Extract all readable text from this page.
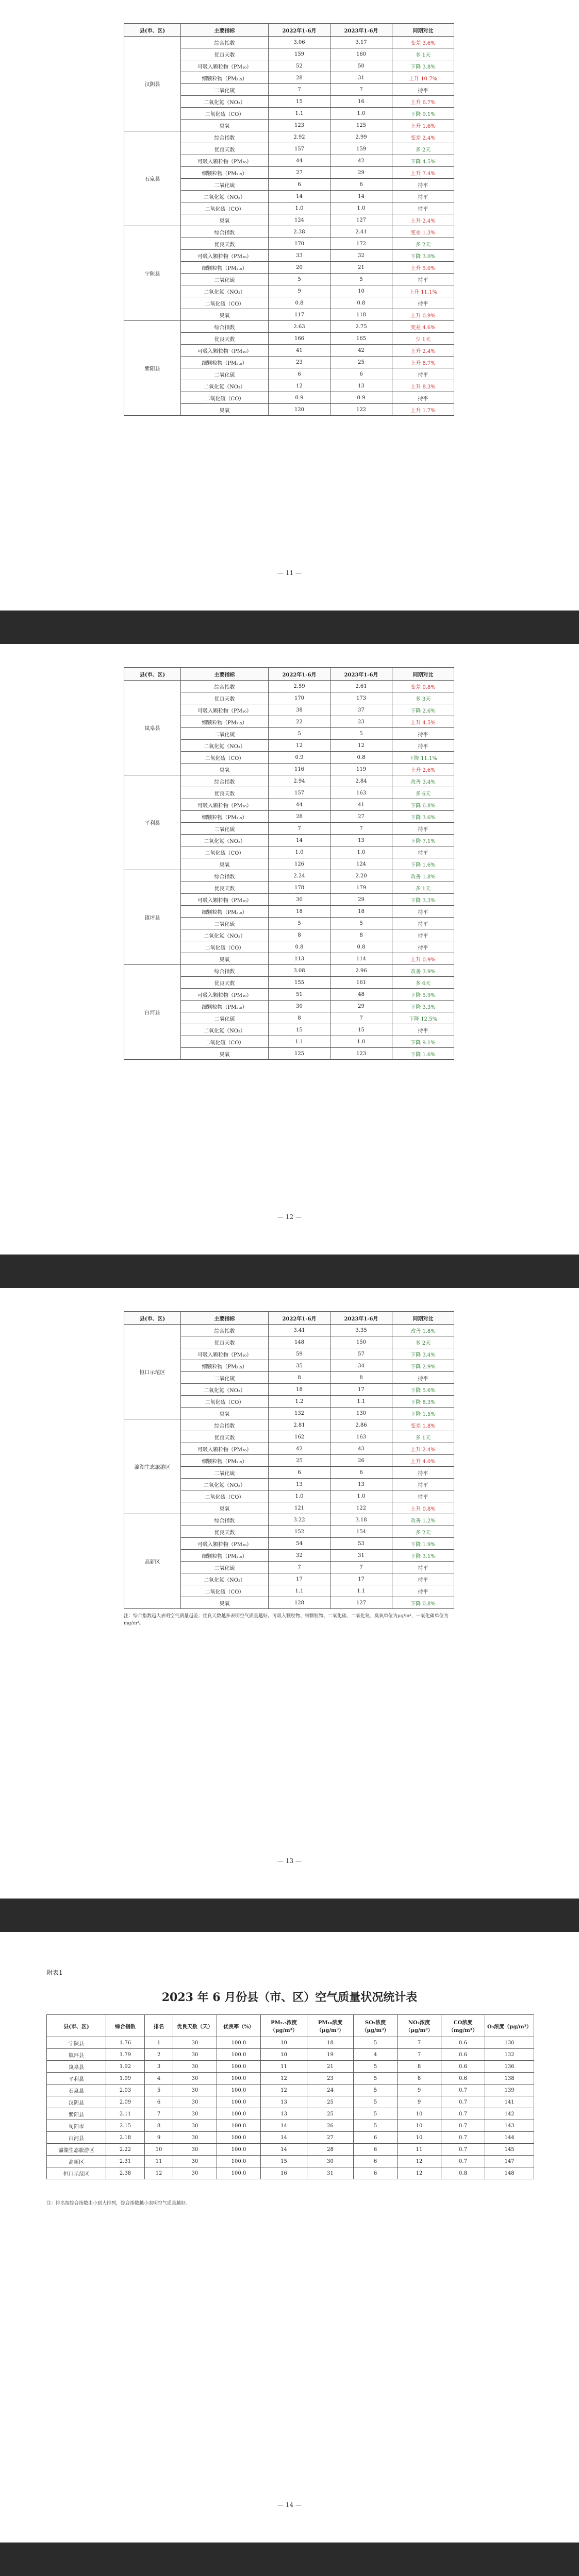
县(市、区)	主要指标	2022年1-6月	2023年1-6月	同期对比
汉阴县	综合指数	3.06	3.17	变差 3.6%
	优良天数	159	160	多 1天
	可吸入颗粒物（PM₁₀）	52	50	下降 3.8%
	细颗粒物（PM₂.₅）	28	31	上升 10.7%
	二氧化硫	7	7	持平
	二氧化氮（NO₂）	15	16	上升 6.7%
	二氧化硫（CO）	1.1	1.0	下降 9.1%
	臭氧	123	125	上升 1.6%
石泉县	综合指数	2.92	2.99	变差 2.4%
	优良天数	157	159	多 2天
	可吸入颗粒物（PM₁₀）	44	42	下降 4.5%
	细颗粒物（PM₂.₅）	27	29	上升 7.4%
	二氧化硫	6	6	持平
	二氧化氮（NO₂）	14	14	持平
	二氧化硫（CO）	1.0	1.0	持平
	臭氧	124	127	上升 2.4%
宁陕县	综合指数	2.38	2.41	变差 1.3%
	优良天数	170	172	多 2天
	可吸入颗粒物（PM₁₀）	33	32	下降 3.0%
	细颗粒物（PM₂.₅）	20	21	上升 5.0%
	二氧化硫	5	5	持平
	二氧化氮（NO₂）	9	10	上升 11.1%
	二氧化硫（CO）	0.8	0.8	持平
	臭氧	117	118	上升 0.9%
紫阳县	综合指数	2.63	2.75	变差 4.6%
	优良天数	166	165	少 1天
	可吸入颗粒物（PM₁₀）	41	42	上升 2.4%
	细颗粒物（PM₂.₅）	23	25	上升 8.7%
	二氧化硫	6	6	持平
	二氧化氮（NO₂）	12	13	上升 8.3%
	二氧化硫（CO）	0.9	0.9	持平
	臭氧	120	122	上升 1.7%
— 11 —
县(市、区)	主要指标	2022年1-6月	2023年1-6月	同期对比
岚皋县	综合指数	2.59	2.61	变差 0.8%
	优良天数	170	173	多 3天
	可吸入颗粒物（PM₁₀）	38	37	下降 2.6%
	细颗粒物（PM₂.₅）	22	23	上升 4.5%
	二氧化硫	5	5	持平
	二氧化氮（NO₂）	12	12	持平
	二氧化硫（CO）	0.9	0.8	下降 11.1%
	臭氧	116	119	上升 2.6%
平利县	综合指数	2.94	2.84	改善 3.4%
	优良天数	157	163	多 6天
	可吸入颗粒物（PM₁₀）	44	41	下降 6.8%
	细颗粒物（PM₂.₅）	28	27	下降 3.6%
	二氧化硫	7	7	持平
	二氧化氮（NO₂）	14	13	下降 7.1%
	二氧化硫（CO）	1.0	1.0	持平
	臭氧	126	124	下降 1.6%
镇坪县	综合指数	2.24	2.20	改善 1.8%
	优良天数	178	179	多 1天
	可吸入颗粒物（PM₁₀）	30	29	下降 3.3%
	细颗粒物（PM₂.₅）	18	18	持平
	二氧化硫	5	5	持平
	二氧化氮（NO₂）	8	8	持平
	二氧化硫（CO）	0.8	0.8	持平
	臭氧	113	114	上升 0.9%
白河县	综合指数	3.08	2.96	改善 3.9%
	优良天数	155	161	多 6天
	可吸入颗粒物（PM₁₀）	51	48	下降 5.9%
	细颗粒物（PM₂.₅）	30	29	下降 3.3%
	二氧化硫	8	7	下降 12.5%
	二氧化氮（NO₂）	15	15	持平
	二氧化硫（CO）	1.1	1.0	下降 9.1%
	臭氧	125	123	下降 1.6%
— 12 —
县(市、区)	主要指标	2022年1-6月	2023年1-6月	同期对比
恒口示范区	综合指数	3.41	3.35	改善 1.8%
	优良天数	148	150	多 2天
	可吸入颗粒物（PM₁₀）	59	57	下降 3.4%
	细颗粒物（PM₂.₅）	35	34	下降 2.9%
	二氧化硫	8	8	持平
	二氧化氮（NO₂）	18	17	下降 5.6%
	二氧化硫（CO）	1.2	1.1	下降 8.3%
	臭氧	132	130	下降 1.5%
瀛湖生态旅游区	综合指数	2.81	2.86	变差 1.8%
	优良天数	162	163	多 1天
	可吸入颗粒物（PM₁₀）	42	43	上升 2.4%
	细颗粒物（PM₂.₅）	25	26	上升 4.0%
	二氧化硫	6	6	持平
	二氧化氮（NO₂）	13	13	持平
	二氧化硫（CO）	1.0	1.0	持平
	臭氧	121	122	上升 0.8%
高新区	综合指数	3.22	3.18	改善 1.2%
	优良天数	152	154	多 2天
	可吸入颗粒物（PM₁₀）	54	53	下降 1.9%
	细颗粒物（PM₂.₅）	32	31	下降 3.1%
	二氧化硫	7	7	持平
	二氧化氮（NO₂）	17	17	持平
	二氧化硫（CO）	1.1	1.1	持平
	臭氧	128	127	下降 0.8%
注：综合指数越大表明空气质量越差；优良天数越多表明空气质量越好。可吸入颗粒物、细颗粒物、二氧化硫、二氧化氮、臭氧单位为μg/m³，一氧化碳单位为mg/m³。
— 13 —
附表1
2023 年 6 月份县（市、区）空气质量状况统计表
县(市、区)	综合指数	排名	优良天数（天）	优良率（%）	PM₂.₅浓度（μg/m³）	PM₁₀浓度（μg/m³）	SO₂浓度（μg/m³）	NO₂浓度（μg/m³）	CO浓度（mg/m³）	O₃浓度（μg/m³）
宁陕县	1.76	1	30	100.0	10	18	5	7	0.6	130
镇坪县	1.79	2	30	100.0	10	19	4	7	0.6	132
岚皋县	1.92	3	30	100.0	11	21	5	8	0.6	136
平利县	1.99	4	30	100.0	12	23	5	8	0.6	138
石泉县	2.03	5	30	100.0	12	24	5	9	0.7	139
汉阴县	2.09	6	30	100.0	13	25	5	9	0.7	141
紫阳县	2.11	7	30	100.0	13	25	5	10	0.7	142
旬阳市	2.15	8	30	100.0	14	26	5	10	0.7	143
白河县	2.18	9	30	100.0	14	27	6	10	0.7	144
瀛湖生态旅游区	2.22	10	30	100.0	14	28	6	11	0.7	145
高新区	2.31	11	30	100.0	15	30	6	12	0.7	147
恒口示范区	2.38	12	30	100.0	16	31	6	12	0.8	148
注：排名按综合指数由小到大排列，综合指数越小表明空气质量越好。
— 14 —
